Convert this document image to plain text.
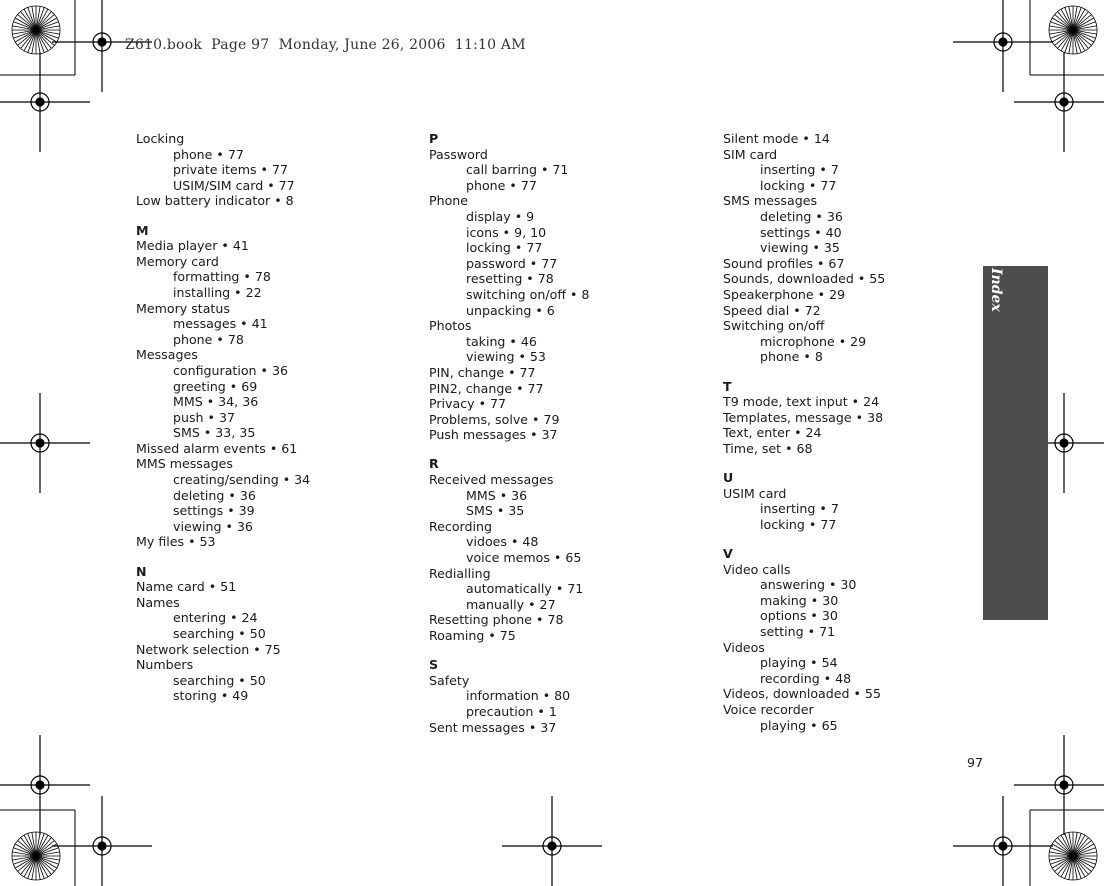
Z610.book  Page 97  Monday, June 26, 2006  11:10 AM
Locking
phone • 77
private items • 77
USIM/SIM card • 77
Low battery indicator • 8
M
Media player • 41
Memory card
formatting • 78
installing • 22
Memory status
messages • 41
phone • 78
Messages
configuration • 36
greeting • 69
MMS • 34, 36
push • 37
SMS • 33, 35
Missed alarm events • 61
MMS messages
creating/sending • 34
deleting • 36
settings • 39
viewing • 36
My files • 53
N
Name card • 51
Names
entering • 24
searching • 50
Network selection • 75
Numbers
searching • 50
storing • 49
P
Password
call barring • 71
phone • 77
Phone
display • 9
icons • 9, 10
locking • 77
password • 77
resetting • 78
switching on/off • 8
unpacking • 6
Photos
taking • 46
viewing • 53
PIN, change • 77
PIN2, change • 77
Privacy • 77
Problems, solve • 79
Push messages • 37
R
Received messages
MMS • 36
SMS • 35
Recording
vidoes • 48
voice memos • 65
Redialling
automatically • 71
manually • 27
Resetting phone • 78
Roaming • 75
S
Safety
information • 80
precaution • 1
Sent messages • 37
Silent mode • 14
SIM card
inserting • 7
locking • 77
SMS messages
deleting • 36
settings • 40
viewing • 35
Sound profiles • 67
Sounds, downloaded • 55
Speakerphone • 29
Speed dial • 72
Switching on/off
microphone • 29
phone • 8
T
T9 mode, text input • 24
Templates, message • 38
Text, enter • 24
Time, set • 68
U
USIM card
inserting • 7
locking • 77
V
Video calls
answering • 30
making • 30
options • 30
setting • 71
Videos
playing • 54
recording • 48
Videos, downloaded • 55
Voice recorder
playing • 65
Index
97
